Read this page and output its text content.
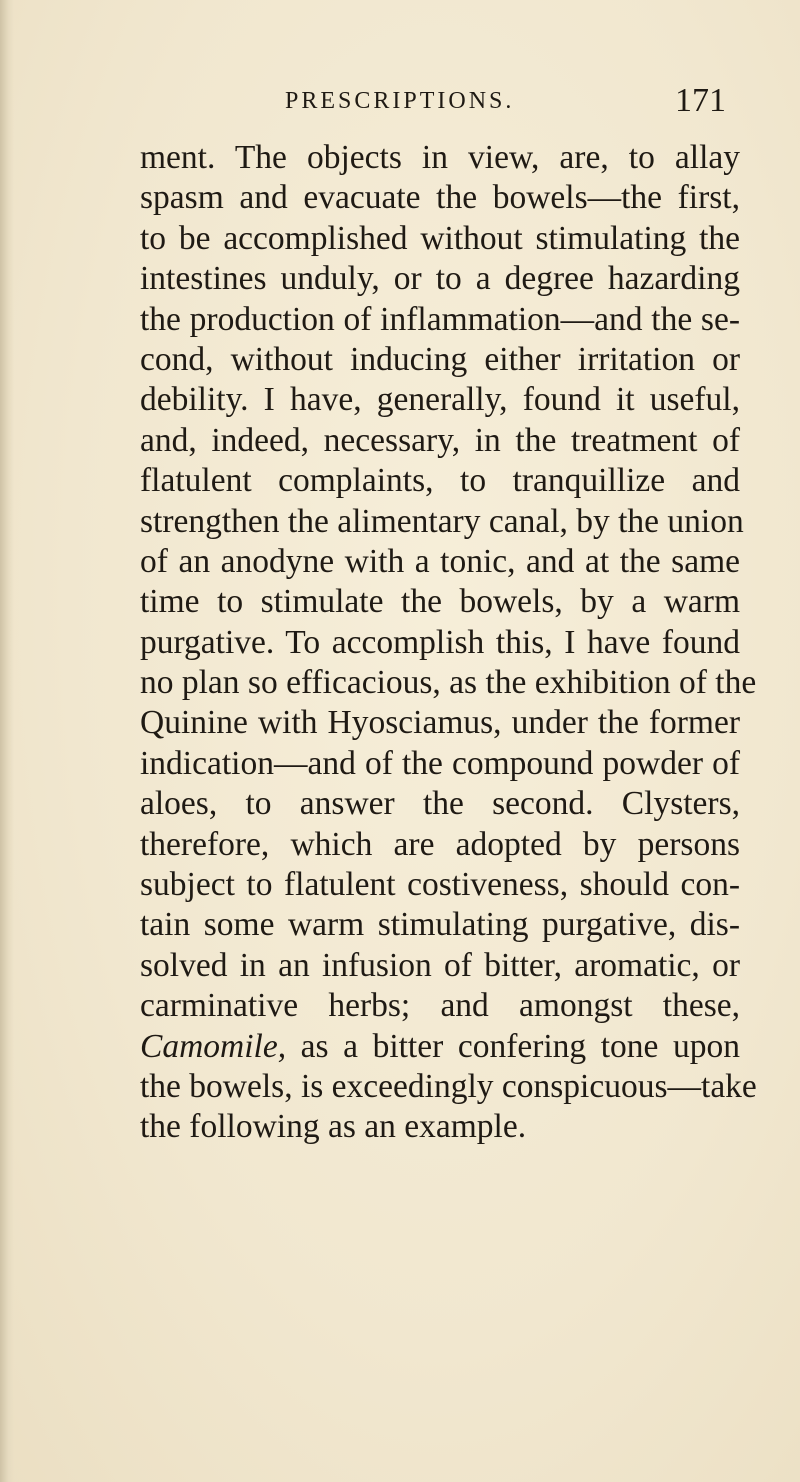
PRESCRIPTIONS.	171
ment. The objects in view, are, to allay
spasm and evacuate the bowels—the first,
to be accomplished without stimulating the
intestines unduly, or to a degree hazarding
the production of inflammation—and the se-
cond, without inducing either irritation or
debility. I have, generally, found it useful,
and, indeed, necessary, in the treatment of
flatulent complaints, to tranquillize and
strengthen the alimentary canal, by the union
of an anodyne with a tonic, and at the same
time to stimulate the bowels, by a warm
purgative. To accomplish this, I have found
no plan so efficacious, as the exhibition of the
Quinine with Hyosciamus, under the former
indication—and of the compound powder of
aloes, to answer the second. Clysters,
therefore, which are adopted by persons
subject to flatulent costiveness, should con-
tain some warm stimulating purgative, dis-
solved in an infusion of bitter, aromatic, or
carminative herbs; and amongst these,
Camomile, as a bitter confering tone upon
the bowels, is exceedingly conspicuous—take
the following as an example.
